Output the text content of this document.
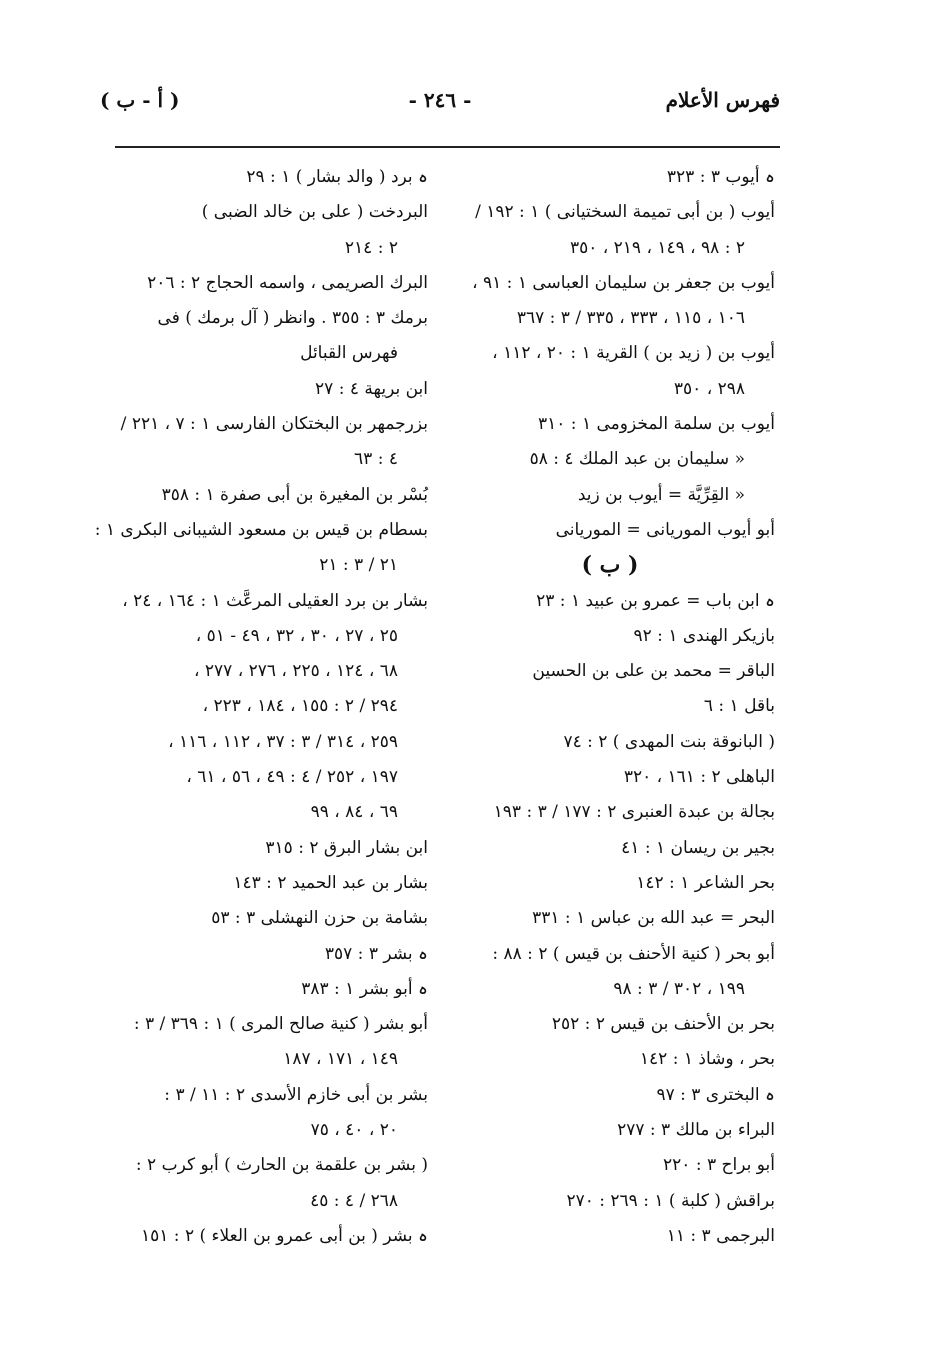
فهرس الأعلام
- ٢٤٦ -
( أ - ب )
ہ أيوب ٣ : ٣٢٣
أيوب ( بن أبى تميمة السختيانى ) ١ : ١٩٢ /
٢ : ٩٨ ، ١٤٩ ، ٢١٩ ، ٣٥٠
أيوب بن جعفر بن سليمان العباسى ١ : ٩١ ،
١٠٦ ، ١١٥ ، ٣٣٣ ، ٣٣٥ / ٣ : ٣٦٧
أيوب بن ( زيد بن ) القرية ١ : ٢٠ ، ١١٢ ،
٢٩٨ ، ٣٥٠
أيوب بن سلمة المخزومى ١ : ٣١٠
« سليمان بن عبد الملك ٤ : ٥٨
« القِرِّيَّة = أيوب بن زيد
أبو أيوب الموريانى = الموريانى
( ب )
ہ ابن باب = عمرو بن عبيد ١ : ٢٣
بازيكر الهندى ١ : ٩٢
الباقر = محمد بن على بن الحسين
باقل ١ : ٦
( البانوقة بنت المهدى ) ٢ : ٧٤
الباهلى ٢ : ١٦١ ، ٣٢٠
بجالة بن عبدة العنبرى ٢ : ١٧٧ / ٣ : ١٩٣
بجير بن ريسان ١ : ٤١
بحر الشاعر ١ : ١٤٢
البحر = عبد الله بن عباس ١ : ٣٣١
أبو بحر ( كنية الأحنف بن قيس ) ٢ : ٨٨ :
١٩٩ ، ٣٠٢ / ٣ : ٩٨
بحر بن الأحنف بن قيس ٢ : ٢٥٢
بحر ، وشاذ ١ : ١٤٢
ہ البخترى ٣ : ٩٧
البراء بن مالك ٣ : ٢٧٧
أبو براح ٣ : ٢٢٠
براقش ( كلبة ) ١ : ٢٦٩ : ٢٧٠
البرجمى ٣ : ١١
ہ برد ( والد بشار ) ١ : ٢٩
البردخت ( على بن خالد الضبى )
٢ : ٢١٤
البرك الصريمى ، واسمه الحجاج ٢ : ٢٠٦
برمك ٣ : ٣٥٥ . وانظر ( آل برمك ) فى
فهرس القبائل
ابن بريهة ٤ : ٢٧
بزرجمهر بن البختكان الفارسى ١ : ٧ ، ٢٢١ /
٤ : ٦٣
بُسْر بن المغيرة بن أبى صفرة ١ : ٣٥٨
بسطام بن قيس بن مسعود الشيبانى البكرى ١ :
٢١ / ٣ : ٢١
بشار بن برد العقيلى المرعَّث ١ : ١٦٤ ، ٢٤ ،
٢٥ ، ٢٧ ، ٣٠ ، ٣٢ ، ٤٩ - ٥١ ،
٦٨ ، ١٢٤ ، ٢٢٥ ، ٢٧٦ ، ٢٧٧ ،
٢٩٤ / ٢ : ١٥٥ ، ١٨٤ ، ٢٢٣ ،
٢٥٩ ، ٣١٤ / ٣ : ٣٧ ، ١١٢ ، ١١٦ ،
١٩٧ ، ٢٥٢ / ٤ : ٤٩ ، ٥٦ ، ٦١ ،
٦٩ ، ٨٤ ، ٩٩
ابن بشار البرق ٢ : ٣١٥
بشار بن عبد الحميد ٢ : ١٤٣
بشامة بن حزن النهشلى ٣ : ٥٣
ہ بشر ٣ : ٣٥٧
ہ أبو بشر ١ : ٣٨٣
أبو بشر ( كنية صالح المرى ) ١ : ٣٦٩ / ٣ :
١٤٩ ، ١٧١ ، ١٨٧
بشر بن أبى خازم الأسدى ٢ : ١١ / ٣ :
٢٠ ، ٤٠ ، ٧٥
( بشر بن علقمة بن الحارث ) أبو كرب ٢ :
٢٦٨ / ٤ : ٤٥
ہ بشر ( بن أبى عمرو بن العلاء ) ٢ : ١٥١
